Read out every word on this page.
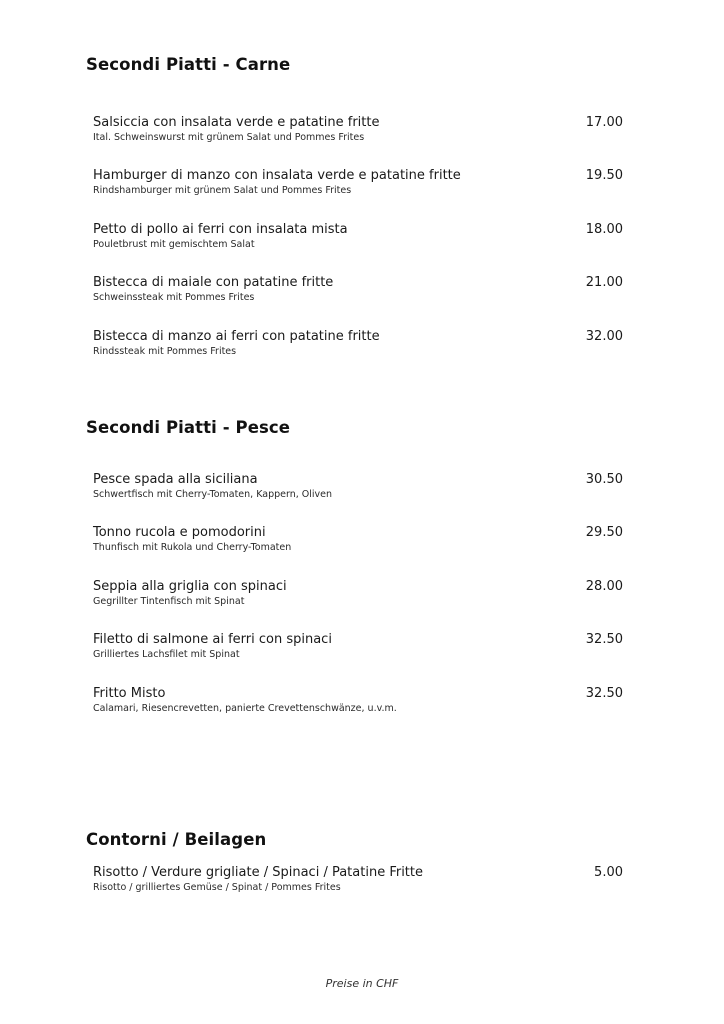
Secondi Piatti - Carne
Salsiccia con insalata verde e patatine fritte
Ital. Schweinswurst mit grünem Salat und Pommes Frites
17.00
Hamburger di manzo con insalata verde e patatine fritte
Rindshamburger mit grünem Salat und Pommes Frites
19.50
Petto di pollo ai ferri con insalata mista
Pouletbrust mit gemischtem Salat
18.00
Bistecca di maiale con patatine fritte
Schweinssteak mit Pommes Frites
21.00
Bistecca di manzo ai ferri con patatine fritte
Rindssteak mit Pommes Frites
32.00
Secondi Piatti - Pesce
Pesce spada alla siciliana
Schwertfisch mit Cherry-Tomaten, Kappern, Oliven
30.50
Tonno rucola e pomodorini
Thunfisch mit Rukola und Cherry-Tomaten
29.50
Seppia alla griglia con spinaci
Gegrillter Tintenfisch mit Spinat
28.00
Filetto di salmone ai ferri con spinaci
Grilliertes Lachsfilet mit Spinat
32.50
Fritto Misto
Calamari, Riesencrevetten, panierte Crevettenschwänze, u.v.m.
32.50
Contorni / Beilagen
Risotto / Verdure grigliate / Spinaci / Patatine Fritte
Risotto / grilliertes Gemüse / Spinat / Pommes Frites
5.00
Preise in CHF
